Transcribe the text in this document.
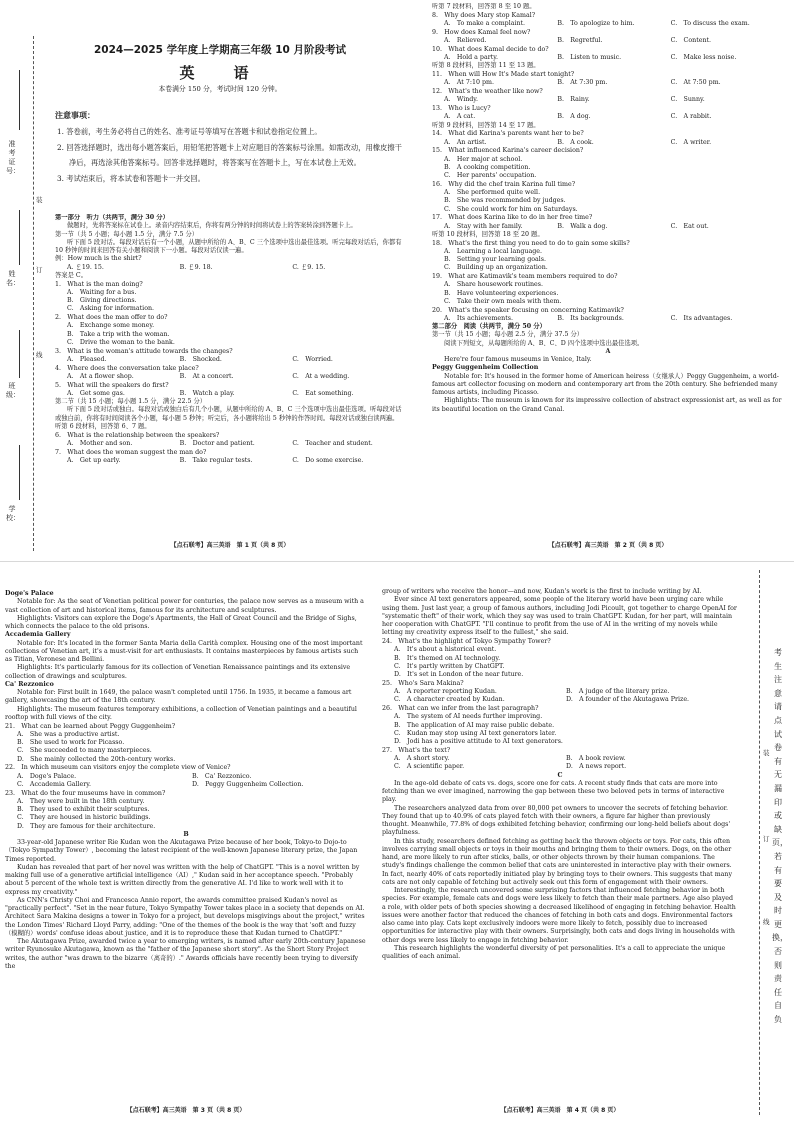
准考证号：
姓名：
班级：
学校：
装
订
线
2024—2025 学年度上学期高三年级 10 月阶段考试
英　语
本卷满分 150 分，考试时间 120 分钟。
注意事项：
1. 答卷前，考生务必将自己的姓名、准考证号等填写在答题卡和试卷指定位置上。
2. 回答选择题时，选出每小题答案后，用铅笔把答题卡上对应题目的答案标号涂黑。如需改动，用橡皮擦干净后，再选涂其他答案标号。回答非选择题时，将答案写在答题卡上，写在本试卷上无效。
3. 考试结束后，将本试卷和答题卡一并交回。
第一部分　听力（共两节，满分 30 分）
做题时，先将答案标在试卷上。录音内容结束后，你将有两分钟的时间将试卷上的答案转涂到答题卡上。
第一节（共 5 小题；每小题 1.5 分，满分 7.5 分）
听下面 5 段对话。每段对话后有一个小题，从题中所给的 A、B、C 三个选项中选出最佳选项。听完每段对话后，你都有 10 秒钟的时间来回答有关小题和阅读下一小题。每段对话仅读一遍。
例：How much is the shirt?
A. ￡19. 15.	B. ￡9. 18.	C. ￡9. 15.
答案是 C。
1.　What is the man doing?
A.　Waiting for a bus.
B.　Giving directions.
C.　Asking for information.
2.　What does the man offer to do?
A.　Exchange some money.
B.　Take a trip with the woman.
C.　Drive the woman to the bank.
3.　What is the woman's attitude towards the changes?
A.　Pleased.	B.　Shocked.	C.　Worried.
4.　Where does the conversation take place?
A.　At a flower shop.	B.　At a concert.	C.　At a wedding.
5.　What will the speakers do first?
A.　Get some gas.	B.　Watch a play.	C.　Eat something.
第二节（共 15 小题；每小题 1.5 分，满分 22.5 分）
听下面 5 段对话或独白。每段对话或独白后有几个小题，从题中所给的 A、B、C 三个选项中选出最佳选项。听每段对话或独白前，你将有时间阅读各个小题，每小题 5 秒钟；听完后，各小题将给出 5 秒钟的作答时间。每段对话或独白读两遍。
听第 6 段材料，回答第 6、7 题。
6.　What is the relationship between the speakers?
A.　Mother and son.	B.　Doctor and patient.	C.　Teacher and student.
7.　What does the woman suggest the man do?
A.　Get up early.	B.　Take regular tests.	C.　Do some exercise.
【点石联考】高三英语　第 1 页（共 8 页）
听第 7 段材料，回答第 8 至 10 题。
8.　Why does Mary stop Kamal?
A.　To make a complaint.	B.　To apologize to him.	C.　To discuss the exam.
9.　How does Kamal feel now?
A.　Relieved.	B.　Regretful.	C.　Content.
10.　What does Kamal decide to do?
A.　Hold a party.	B.　Listen to music.	C.　Make less noise.
听第 8 段材料，回答第 11 至 13 题。
11.　When will How It's Made start tonight?
A.　At 7:10 pm.	B.　At 7:30 pm.	C.　At 7:50 pm.
12.　What's the weather like now?
A.　Windy.	B.　Rainy.	C.　Sunny.
13.　Who is Lucy?
A.　A cat.	B.　A dog.	C.　A rabbit.
听第 9 段材料，回答第 14 至 17 题。
14.　What did Karina's parents want her to be?
A.　An artist.	B.　A cook.	C.　A writer.
15.　What influenced Karina's career decision?
A.　Her major at school.
B.　A cooking competition.
C.　Her parents' occupation.
16.　Why did the chef train Karina full time?
A.　She performed quite well.
B.　She was recommended by judges.
C.　She could work for him on Saturdays.
17.　What does Karina like to do in her free time?
A.　Stay with her family.	B.　Walk a dog.	C.　Eat out.
听第 10 段材料，回答第 18 至 20 题。
18.　What's the first thing you need to do to gain some skills?
A.　Learning a local language.
B.　Setting your learning goals.
C.　Building up an organization.
19.　What are Katimavik's team members required to do?
A.　Share housework routines.
B.　Have volunteering experiences.
C.　Take their own meals with them.
20.　What's the speaker focusing on concerning Katimavik?
A.　Its achievements.	B.　Its backgrounds.	C.　Its advantages.
第二部分　阅读（共两节，满分 50 分）
第一节（共 15 小题；每小题 2.5 分，满分 37.5 分）
阅读下列短文，从每题所给的 A、B、C、D 四个选项中选出最佳选项。
A
Here're four famous museums in Venice, Italy.
Peggy Guggenheim Collection
Notable for: It's housed in the former home of American heiress（女继承人）Peggy Guggenheim, a world-famous art collector focusing on modern and contemporary art from the 20th century. She befriended many famous artists, including Picasso.
Highlights: The museum is known for its impressive collection of abstract expressionist art, as well as for its beautiful location on the Grand Canal.
【点石联考】高三英语　第 2 页（共 8 页）
Doge's Palace
Notable for: As the seat of Venetian political power for centuries, the palace now serves as a museum with a vast collection of art and historical items, famous for its architecture and sculptures.
Highlights: Visitors can explore the Doge's Apartments, the Hall of Great Council and the Bridge of Sighs, which connects the palace to the old prisons.
Accademia Gallery
Notable for: It's located in the former Santa Maria della Carità complex. Housing one of the most important collections of Venetian art, it's a must-visit for art enthusiasts. It contains masterpieces by famous artists such as Titian, Veronese and Bellini.
Highlights: It's particularly famous for its collection of Venetian Renaissance paintings and its extensive collection of drawings and sculptures.
Ca' Rezzonico
Notable for: First built in 1649, the palace wasn't completed until 1756. In 1935, it became a famous art gallery, showcasing the art of the 18th century.
Highlights: The museum features temporary exhibitions, a collection of Venetian paintings and a beautiful rooftop with full views of the city.
21.　What can be learned about Peggy Guggenheim?
A.　She was a productive artist.
B.　She used to work for Picasso.
C.　She succeeded to many masterpieces.
D.　She mainly collected the 20th-century works.
22.　In which museum can visitors enjoy the complete view of Venice?
A.　Doge's Palace.	B.　Ca' Rezzonico.
C.　Accademia Gallery.	D.　Peggy Guggenheim Collection.
23.　What do the four museums have in common?
A.　They were built in the 18th century.
B.　They used to exhibit their sculptures.
C.　They are housed in historic buildings.
D.　They are famous for their architecture.
B
33-year-old Japanese writer Rie Kudan won the Akutagawa Prize because of her book, Tokyo-to Dojo-to（Tokyo Sympathy Tower）, becoming the latest recipient of the well-known Japanese literary prize, the Japan Times reported.
Kudan has revealed that part of her novel was written with the help of ChatGPT. "This is a novel written by making full use of a generative artificial intelligence（AI）," Kudan said in her acceptance speech. "Probably about 5 percent of the whole text is written directly from the generative AI. I'd like to work well with it to express my creativity."
As CNN's Christy Choi and Francesca Annio report, the awards committee praised Kudan's novel as "practically perfect". "Set in the near future, Tokyo Sympathy Tower takes place in a society that depends on AI. Architect Sara Makina designs a tower in Tokyo for a project, but develops misgivings about the project," writes the London Times' Richard Lloyd Parry, adding: "One of the themes of the book is the way that 'soft and fuzzy（模糊的）words' confuse ideas about justice, and it is to reproduce these that Kudan turned to ChatGPT."
The Akutagawa Prize, awarded twice a year to emerging writers, is named after early 20th-century Japanese writer Ryunosuke Akutagawa, known as the "father of the Japanese short story". As the Short Story Project writes, the author "was drawn to the bizarre（离奇的）." Awards officials have recently been trying to diversify the
【点石联考】高三英语　第 3 页（共 8 页）
group of writers who receive the honor—and now, Kudan's work is the first to include writing by AI.
Ever since AI text generators appeared, some people of the literary world have been urging care while using them. Just last year, a group of famous authors, including Jodi Picoult, got together to charge OpenAI for "systematic theft" of their work, which they say was used to train ChatGPT. Kudan, for her part, will maintain her cooperation with ChatGPT. "I'll continue to profit from the use of AI in the writing of my novels while letting my creativity express itself to the fullest," she said.
24.　What's the highlight of Tokyo Sympathy Tower?
A.　It's about a historical event.
B.　It's themed on AI technology.
C.　It's partly written by ChatGPT.
D.　It's set in London of the near future.
25.　Who's Sara Makina?
A.　A reporter reporting Kudan.	B.　A judge of the literary prize.
C.　A character created by Kudan.	D.　A founder of the Akutagawa Prize.
26.　What can we infer from the last paragraph?
A.　The system of AI needs further improving.
B.　The application of AI may raise public debate.
C.　Kudan may stop using AI text generators later.
D.　Jodi has a positive attitude to AI text generators.
27.　What's the text?
A.　A short story.	B.　A book review.
C.　A scientific paper.	D.　A news report.
C
In the age-old debate of cats vs. dogs, score one for cats. A recent study finds that cats are more into fetching than we ever imagined, narrowing the gap between these two beloved pets in terms of interactive play.
The researchers analyzed data from over 80,000 pet owners to uncover the secrets of fetching behavior. They found that up to 40.9% of cats played fetch with their owners, a figure far higher than previously thought. Meanwhile, 77.8% of dogs exhibited fetching behavior, confirming our long-held beliefs about dogs' playfulness.
In this study, researchers defined fetching as getting back the thrown objects or toys. For cats, this often involves carrying small objects or toys in their mouths and bringing them to their owners. Dogs, on the other hand, are more likely to run after sticks, balls, or other objects thrown by their human companions. The study's findings challenge the common belief that cats are uninterested in interactive play with their owners. In fact, nearly 40% of cats reportedly initiated play by bringing toys to their owners. This suggests that many cats are not only capable of fetching but actively seek out this form of engagement with their owners.
Interestingly, the research uncovered some surprising factors that influenced fetching behavior in both species. For example, female cats and dogs were less likely to fetch than their male partners. Age also played a role, with older pets of both species showing a decreased likelihood of engaging in fetching behavior. Health issues were another factor that reduced the chances of fetching in both cats and dogs. Environmental factors also came into play. Cats kept exclusively indoors were more likely to fetch, possibly due to increased opportunities for interactive play with their owners. Surprisingly, both cats and dogs living in households with other dogs were less likely to engage in fetching behavior.
This research highlights the wonderful diversity of pet personalities. It's a call to appreciate the unique qualities of each animal.
【点石联考】高三英语　第 4 页（共 8 页）
考生注意请点试卷有无漏印或缺页，若有要及时更换，否则责任自负
装
订
线
